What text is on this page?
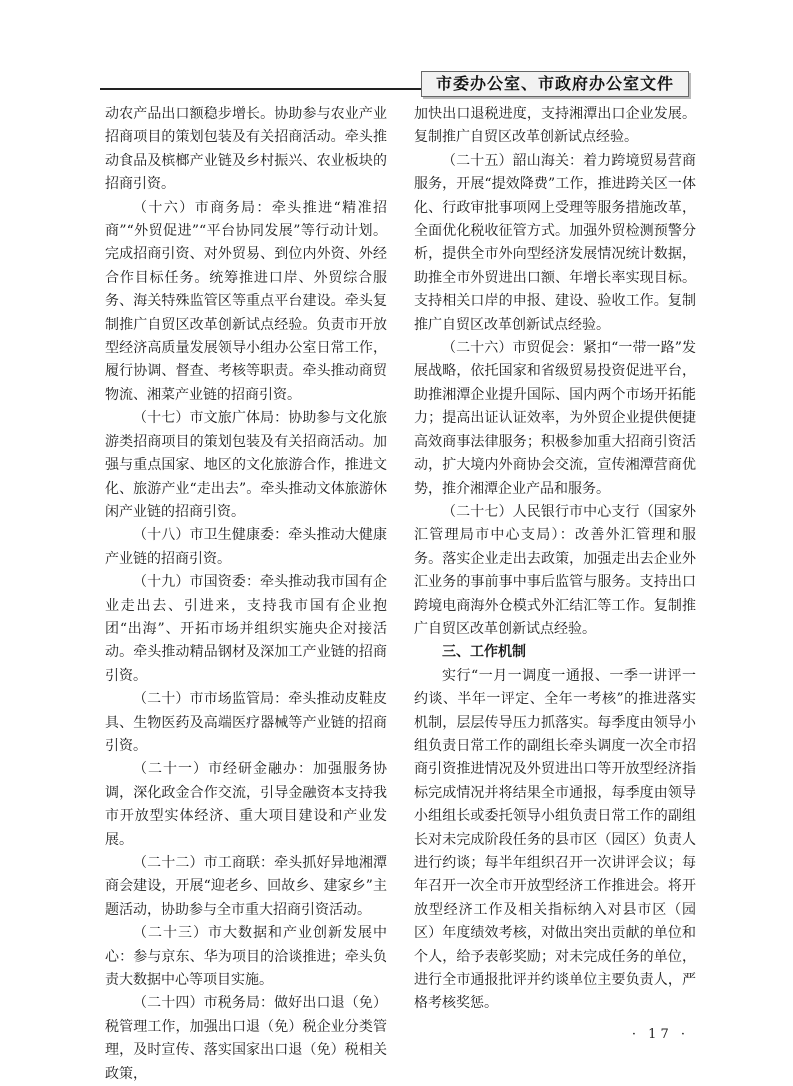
市委办公室、市政府办公室文件

动农产品出口额稳步增长。协助参与农业产业招商项目的策划包装及有关招商活动。牵头推动食品及槟榔产业链及乡村振兴、农业板块的招商引资。

（十六）市商务局：牵头推进“精准招商”“外贸促进”“平台协同发展”等行动计划。完成招商引资、对外贸易、到位内外资、外经合作目标任务。统筹推进口岸、外贸综合服务、海关特殊监管区等重点平台建设。牵头复制推广自贸区改革创新试点经验。负责市开放型经济高质量发展领导小组办公室日常工作，履行协调、督查、考核等职责。牵头推动商贸物流、湘菜产业链的招商引资。

（十七）市文旅广体局：协助参与文化旅游类招商项目的策划包装及有关招商活动。加强与重点国家、地区的文化旅游合作，推进文化、旅游产业“走出去”。牵头推动文体旅游休闲产业链的招商引资。

（十八）市卫生健康委：牵头推动大健康产业链的招商引资。

（十九）市国资委：牵头推动我市国有企业走出去、引进来，支持我市国有企业抱团“出海”、开拓市场并组织实施央企对接活动。牵头推动精品钢材及深加工产业链的招商引资。

（二十）市市场监管局：牵头推动皮鞋皮具、生物医药及高端医疗器械等产业链的招商引资。

（二十一）市经研金融办：加强服务协调，深化政金合作交流，引导金融资本支持我市开放型实体经济、重大项目建设和产业发展。

（二十二）市工商联：牵头抓好异地湘潭商会建设，开展“迎老乡、回故乡、建家乡”主题活动，协助参与全市重大招商引资活动。

（二十三）市大数据和产业创新发展中心：参与京东、华为项目的洽谈推进；牵头负责大数据中心等项目实施。

（二十四）市税务局：做好出口退（免）税管理工作，加强出口退（免）税企业分类管理，及时宣传、落实国家出口退（免）税相关政策，

加快出口退税进度，支持湘潭出口企业发展。复制推广自贸区改革创新试点经验。

（二十五）韶山海关：着力跨境贸易营商服务，开展“提效降费”工作，推进跨关区一体化、行政审批事项网上受理等服务措施改革，全面优化税收征管方式。加强外贸检测预警分析，提供全市外向型经济发展情况统计数据，助推全市外贸进出口额、年增长率实现目标。支持相关口岸的申报、建设、验收工作。复制推广自贸区改革创新试点经验。

（二十六）市贸促会：紧扣“一带一路”发展战略，依托国家和省级贸易投资促进平台，助推湘潭企业提升国际、国内两个市场开拓能力；提高出证认证效率，为外贸企业提供便捷高效商事法律服务；积极参加重大招商引资活动，扩大境内外商协会交流，宣传湘潭营商优势，推介湘潭企业产品和服务。

（二十七）人民银行市中心支行（国家外汇管理局市中心支局）：改善外汇管理和服务。落实企业走出去政策，加强走出去企业外汇业务的事前事中事后监管与服务。支持出口跨境电商海外仓模式外汇结汇等工作。复制推广自贸区改革创新试点经验。

三、工作机制

实行“一月一调度一通报、一季一讲评一约谈、半年一评定、全年一考核”的推进落实机制，层层传导压力抓落实。每季度由领导小组负责日常工作的副组长牵头调度一次全市招商引资推进情况及外贸进出口等开放型经济指标完成情况并将结果全市通报，每季度由领导小组组长或委托领导小组负责日常工作的副组长对未完成阶段任务的县市区（园区）负责人进行约谈；每半年组织召开一次讲评会议；每年召开一次全市开放型经济工作推进会。将开放型经济工作及相关指标纳入对县市区（园区）年度绩效考核，对做出突出贡献的单位和个人，给予表彰奖励；对未完成任务的单位，进行全市通报批评并约谈单位主要负责人，严格考核奖惩。

· 17 ·
